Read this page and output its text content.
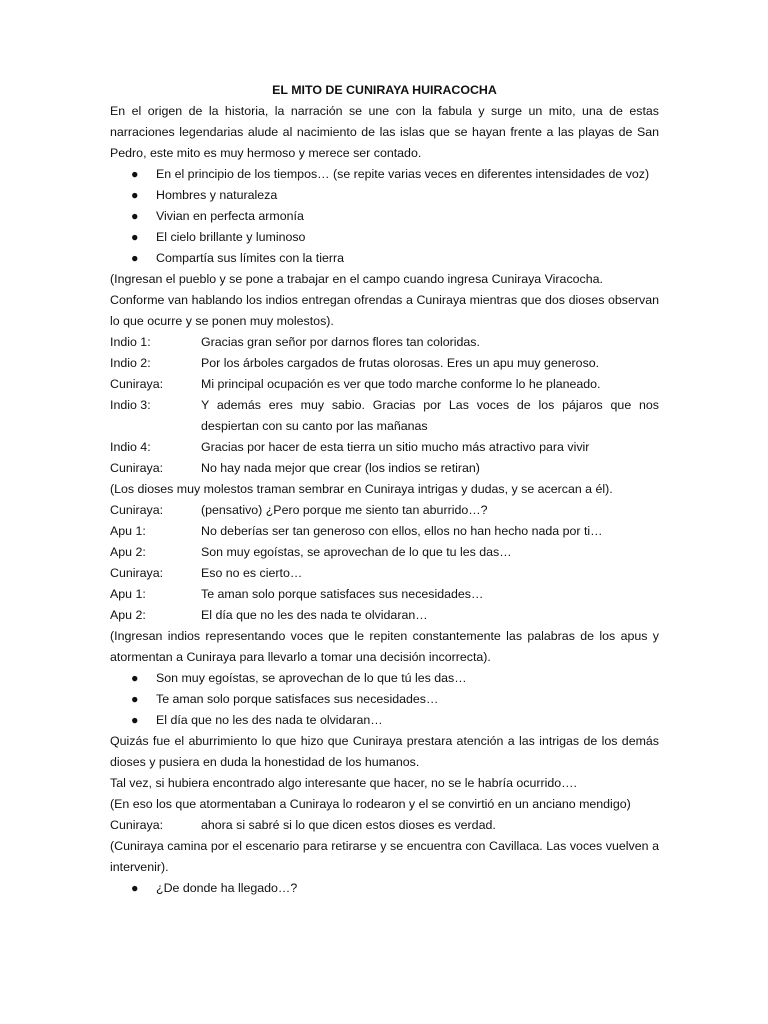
EL MITO DE CUNIRAYA HUIRACOCHA

En el origen de la historia, la narración se une con la fabula y surge un mito, una de estas narraciones legendarias alude al nacimiento de las islas que se hayan frente a las playas de San Pedro, este mito es muy hermoso y merece ser contado.

● En el principio de los tiempos… (se repite varias veces en diferentes intensidades de voz)
● Hombres y naturaleza
● Vivian en perfecta armonía
● El cielo brillante y luminoso
● Compartía sus límites con la tierra

(Ingresan el pueblo y se pone a trabajar en el campo cuando ingresa Cuniraya Viracocha.

Conforme van hablando los indios entregan ofrendas a Cuniraya mientras que dos dioses observan lo que ocurre y se ponen muy molestos).

Indio 1:	Gracias gran señor por darnos flores tan coloridas.
Indio 2:	Por los árboles cargados de frutas olorosas. Eres un apu muy generoso.
Cuniraya:	Mi principal ocupación es ver que todo marche conforme lo he planeado.
Indio 3:	Y además eres muy sabio. Gracias por Las voces de los pájaros que nos despiertan con su canto por las mañanas
Indio 4:	Gracias por hacer de esta tierra un sitio mucho más atractivo para vivir
Cuniraya:	No hay nada mejor que crear (los indios se retiran)

(Los dioses muy molestos traman sembrar en Cuniraya intrigas y dudas, y se acercan a él).

Cuniraya:	(pensativo) ¿Pero porque me siento tan aburrido…?
Apu 1:	No deberías ser tan generoso con ellos, ellos no han hecho nada por ti…
Apu 2:	Son muy egoístas, se aprovechan de lo que tu les das…
Cuniraya:	Eso no es cierto…
Apu 1:	Te aman solo porque satisfaces sus necesidades…
Apu 2:	El día que no les des nada te olvidaran…

(Ingresan indios representando voces que le repiten constantemente las palabras de los apus y atormentan a Cuniraya para llevarlo a tomar una decisión incorrecta).

● Son muy egoístas, se aprovechan de lo que tú les das…
● Te aman solo porque satisfaces sus necesidades…
● El día que no les des nada te olvidaran…

Quizás fue el aburrimiento lo que hizo que Cuniraya prestara atención a las intrigas de los demás dioses y pusiera en duda la honestidad de los humanos.

Tal vez, si hubiera encontrado algo interesante que hacer, no se le habría ocurrido….

(En eso los que atormentaban a Cuniraya lo rodearon y el se convirtió en un anciano mendigo)

Cuniraya:	ahora si sabré si lo que dicen estos dioses es verdad.

(Cuniraya camina por el escenario para retirarse y se encuentra con Cavillaca. Las voces vuelven a intervenir).

● ¿De donde ha llegado…?
